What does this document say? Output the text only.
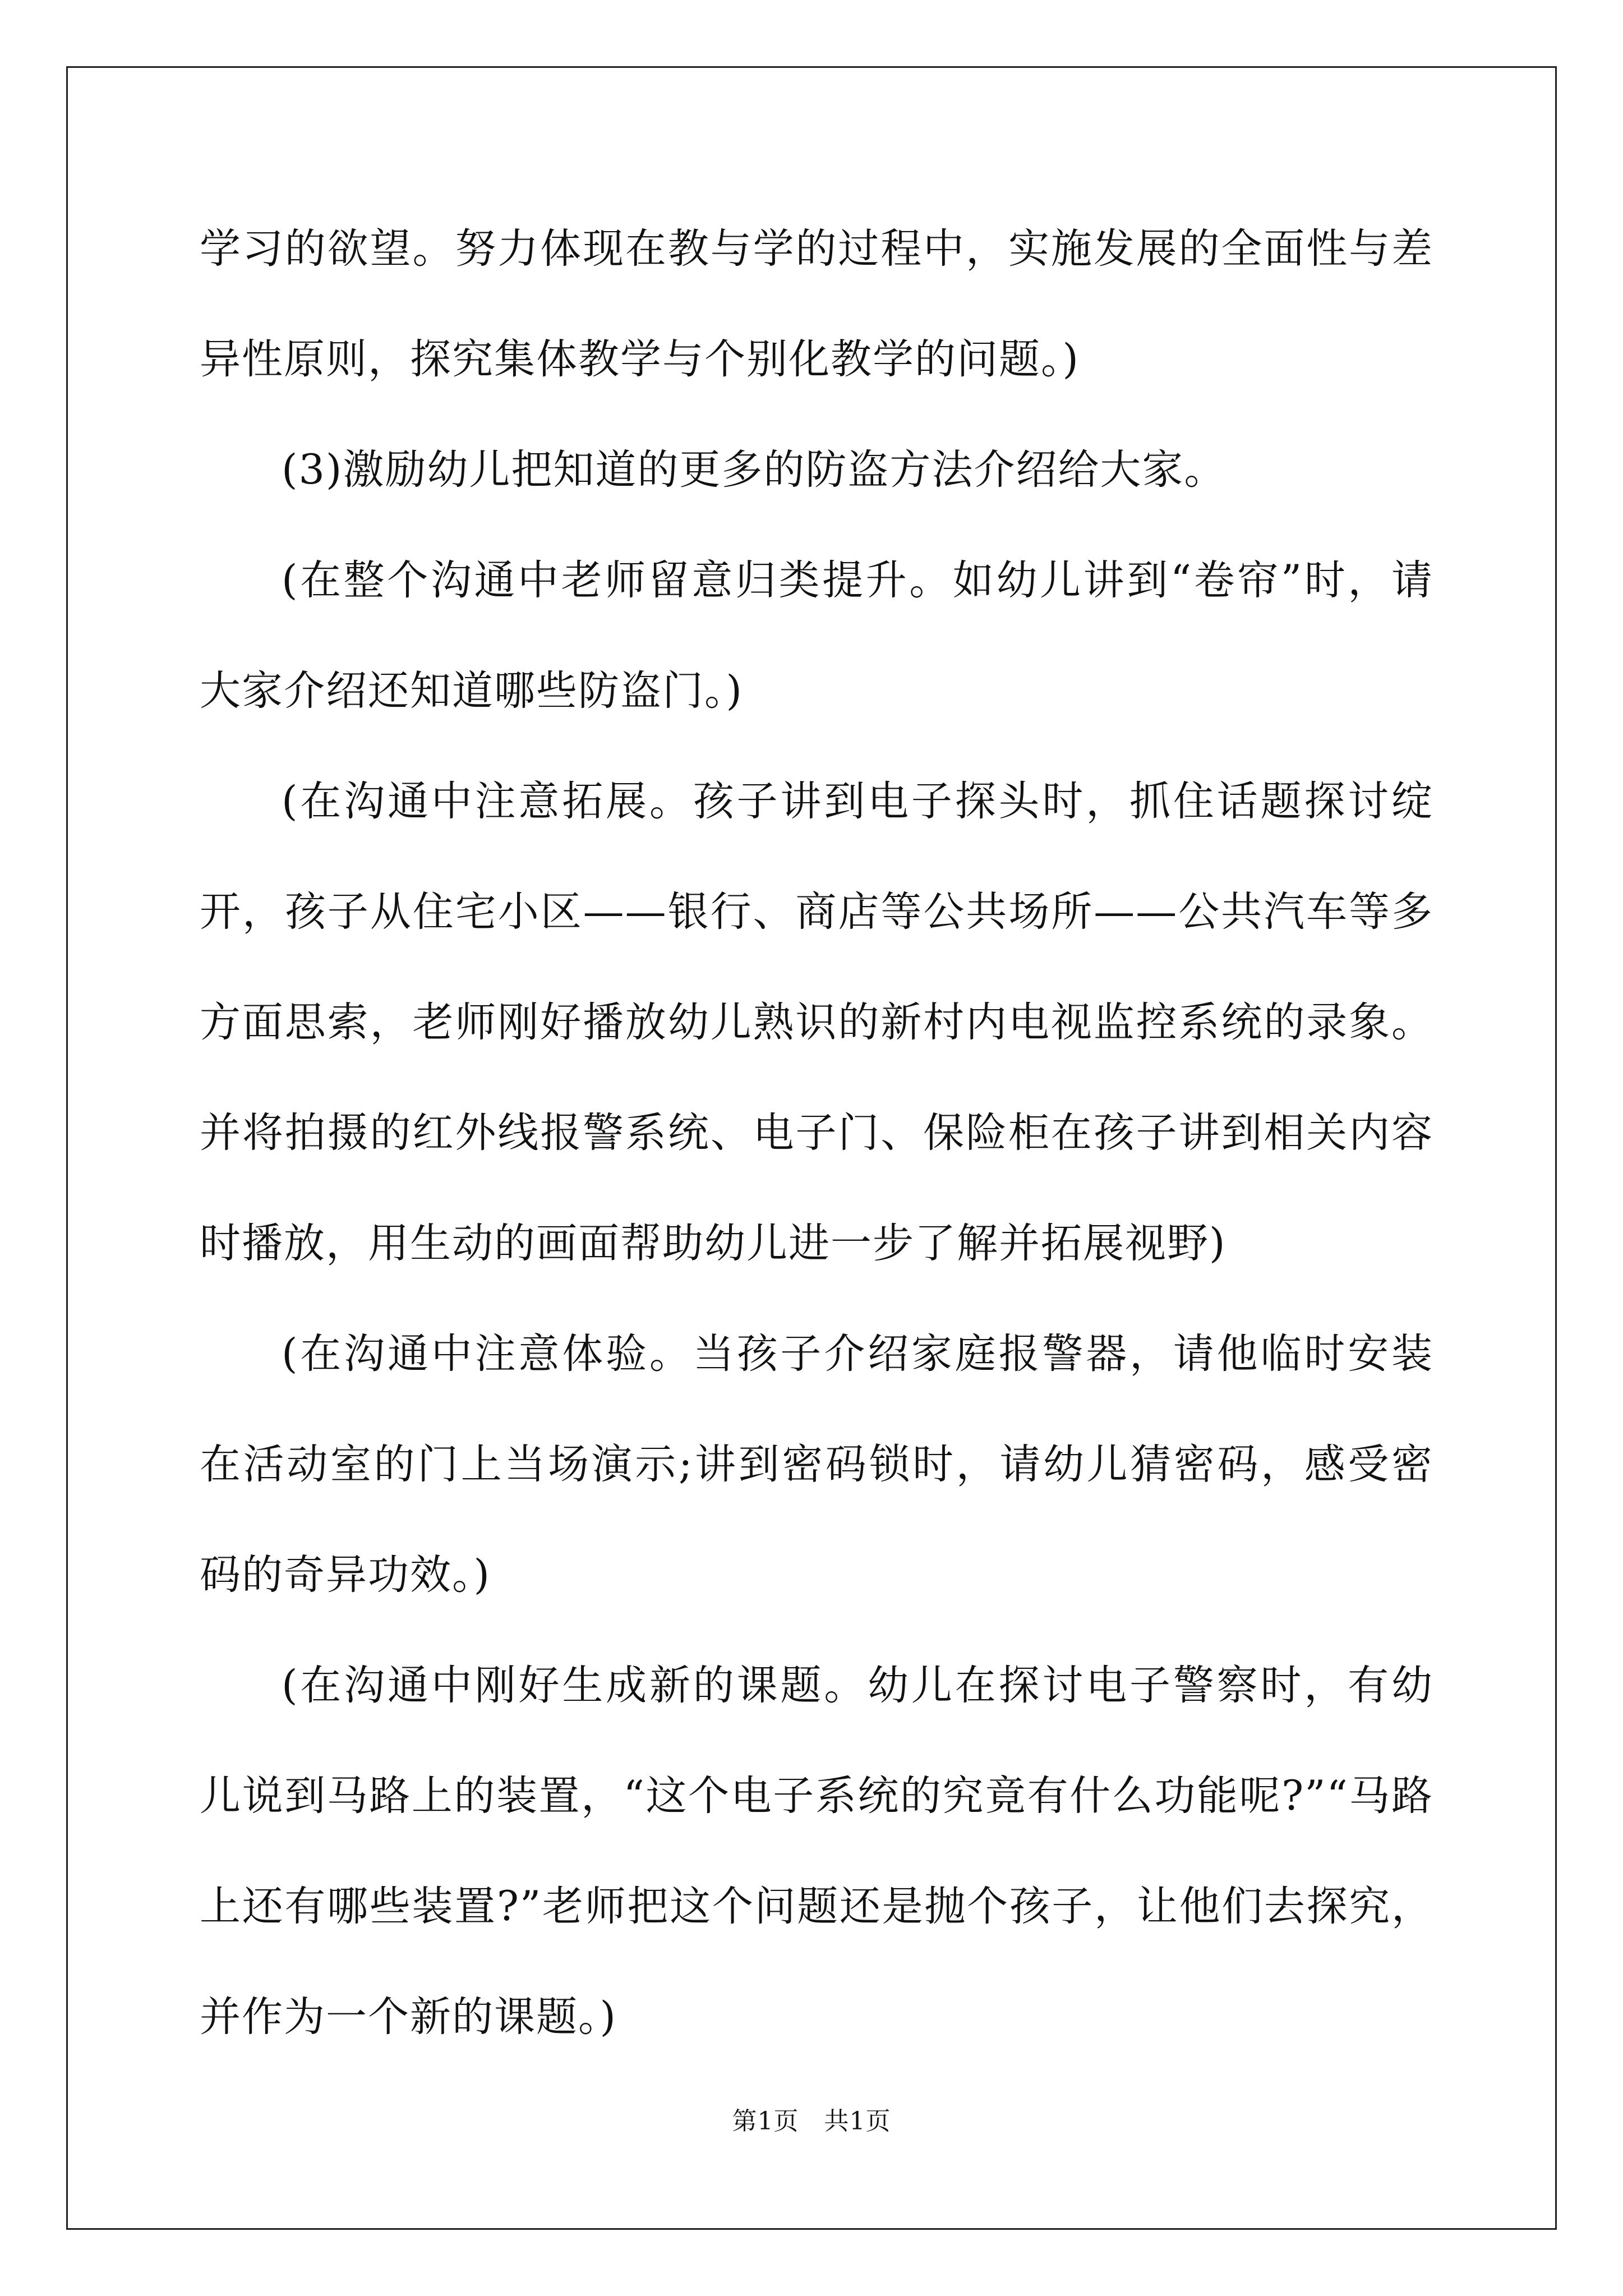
学习的欲望。努力体现在教与学的过程中，实施发展的全面性与差异性原则，探究集体教学与个别化教学的问题。)

(3)激励幼儿把知道的更多的防盗方法介绍给大家。

(在整个沟通中老师留意归类提升。如幼儿讲到“卷帘”时，请大家介绍还知道哪些防盗门。)

(在沟通中注意拓展。孩子讲到电子探头时，抓住话题探讨绽开，孩子从住宅小区——银行、商店等公共场所——公共汽车等多方面思索，老师刚好播放幼儿熟识的新村内电视监控系统的录象。并将拍摄的红外线报警系统、电子门、保险柜在孩子讲到相关内容时播放，用生动的画面帮助幼儿进一步了解并拓展视野)

(在沟通中注意体验。当孩子介绍家庭报警器，请他临时安装在活动室的门上当场演示;讲到密码锁时，请幼儿猜密码，感受密码的奇异功效。)

(在沟通中刚好生成新的课题。幼儿在探讨电子警察时，有幼儿说到马路上的装置，“这个电子系统的究竟有什么功能呢?”“马路上还有哪些装置?”老师把这个问题还是抛个孩子，让他们去探究，并作为一个新的课题。)

第1页　共1页
